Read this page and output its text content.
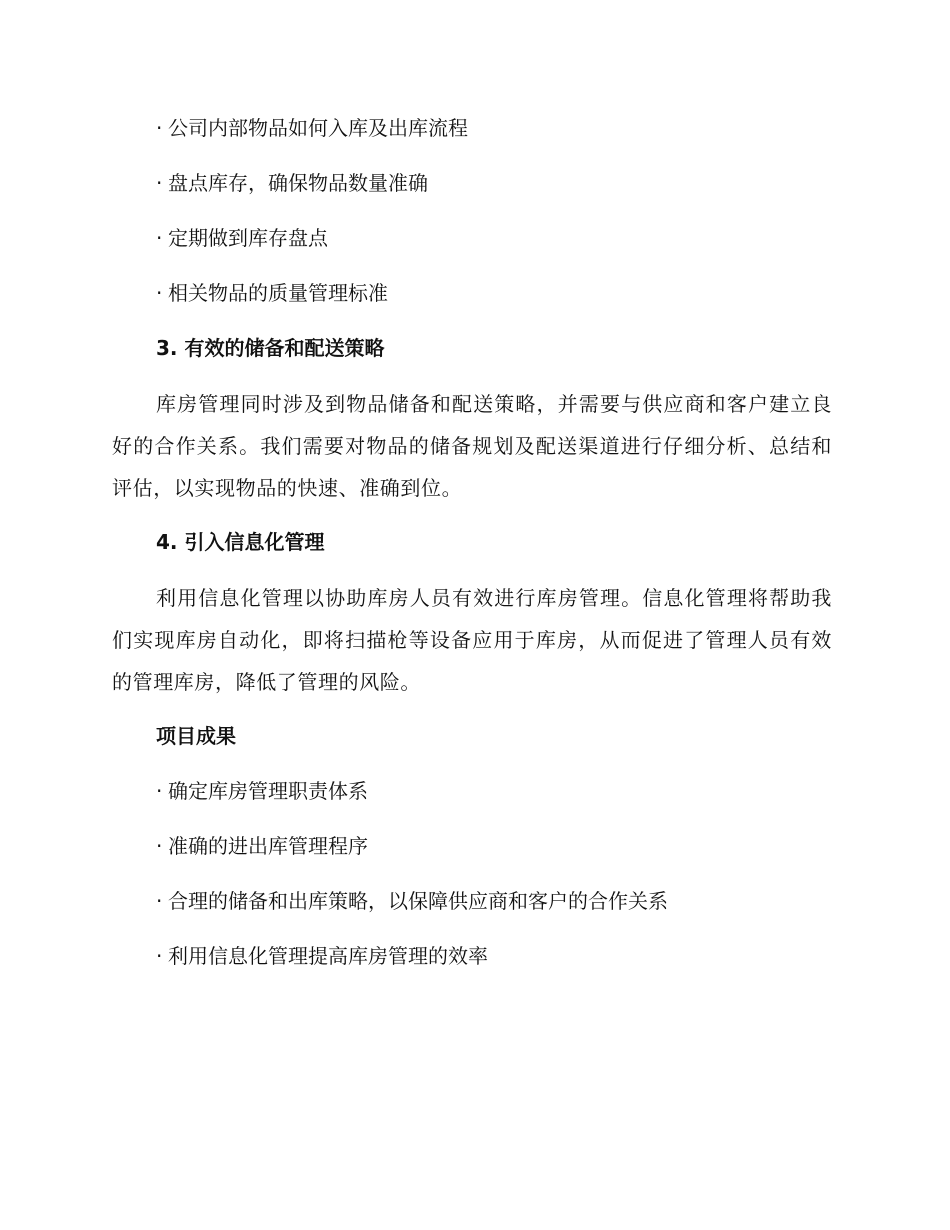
· 公司内部物品如何入库及出库流程
· 盘点库存，确保物品数量准确
· 定期做到库存盘点
· 相关物品的质量管理标准
3. 有效的储备和配送策略
库房管理同时涉及到物品储备和配送策略，并需要与供应商和客户建立良好的合作关系。我们需要对物品的储备规划及配送渠道进行仔细分析、总结和评估，以实现物品的快速、准确到位。
4. 引入信息化管理
利用信息化管理以协助库房人员有效进行库房管理。信息化管理将帮助我们实现库房自动化，即将扫描枪等设备应用于库房，从而促进了管理人员有效的管理库房，降低了管理的风险。
项目成果
· 确定库房管理职责体系
· 准确的进出库管理程序
· 合理的储备和出库策略，以保障供应商和客户的合作关系
· 利用信息化管理提高库房管理的效率
